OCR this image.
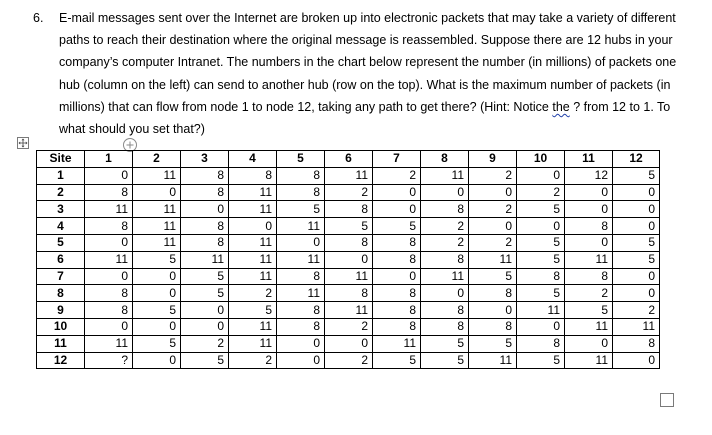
6. E-mail messages sent over the Internet are broken up into electronic packets that may take a variety of different paths to reach their destination where the original message is reassembled. Suppose there are 12 hubs in your company’s computer Intranet. The numbers in the chart below represent the number (in millions) of packets one hub (column on the left) can send to another hub (row on the top). What is the maximum number of packets (in millions) that can flow from node 1 to node 12, taking any path to get there? (Hint: Notice the ? from 12 to 1. To what should you set that?)
Site	1	2	3	4	5	6	7	8	9	10	11	12
1	0	11	8	8	8	11	2	11	2	0	12	5
2	8	0	8	11	8	2	0	0	0	2	0	0
3	11	11	0	11	5	8	0	8	2	5	0	0
4	8	11	8	0	11	5	5	2	0	0	8	0
5	0	11	8	11	0	8	8	2	2	5	0	5
6	11	5	11	11	11	0	8	8	11	5	11	5
7	0	0	5	11	8	11	0	11	5	8	8	0
8	8	0	5	2	11	8	8	0	8	5	2	0
9	8	5	0	5	8	11	8	8	0	11	5	2
10	0	0	0	11	8	2	8	8	8	0	11	11
11	11	5	2	11	0	0	11	5	5	8	0	8
12	?	0	5	2	0	2	5	5	11	5	11	0
